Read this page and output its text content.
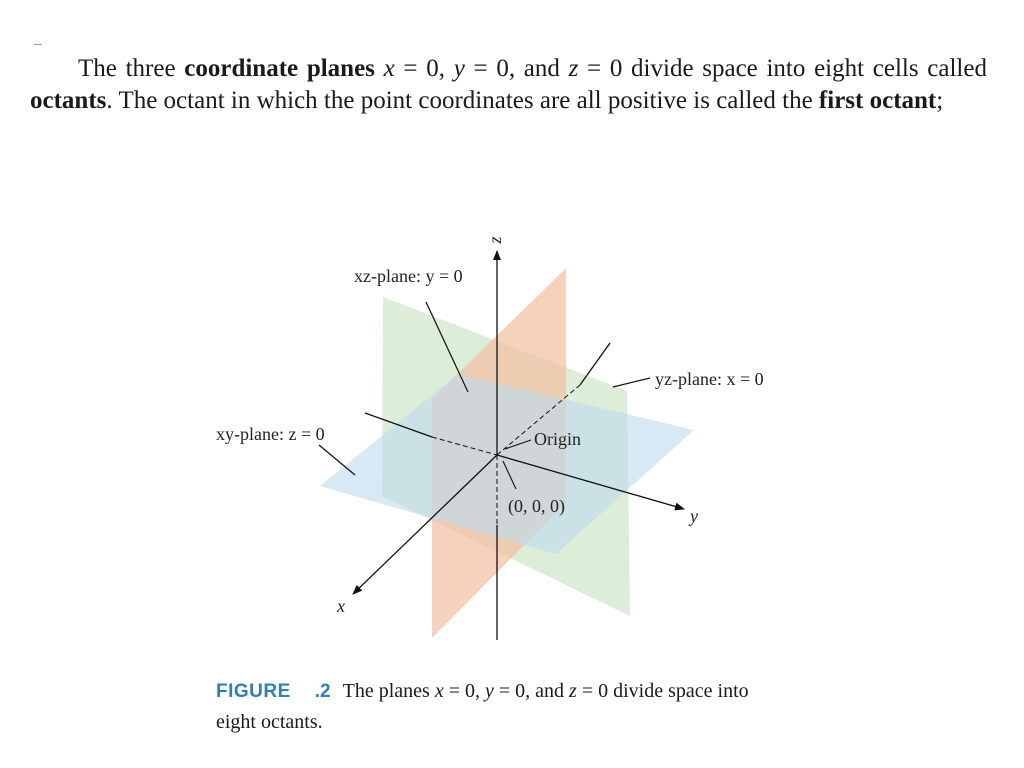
The three coordinate planes x = 0, y = 0, and z = 0 divide space into eight cells called octants. The octant in which the point coordinates are all positive is called the first octant;
z
y
x
xz-plane: y = 0
yz-plane: x = 0
xy-plane: z = 0	Origin
(0, 0, 0)
FIGURE .2 The planes x = 0, y = 0, and z = 0 divide space into eight octants.
